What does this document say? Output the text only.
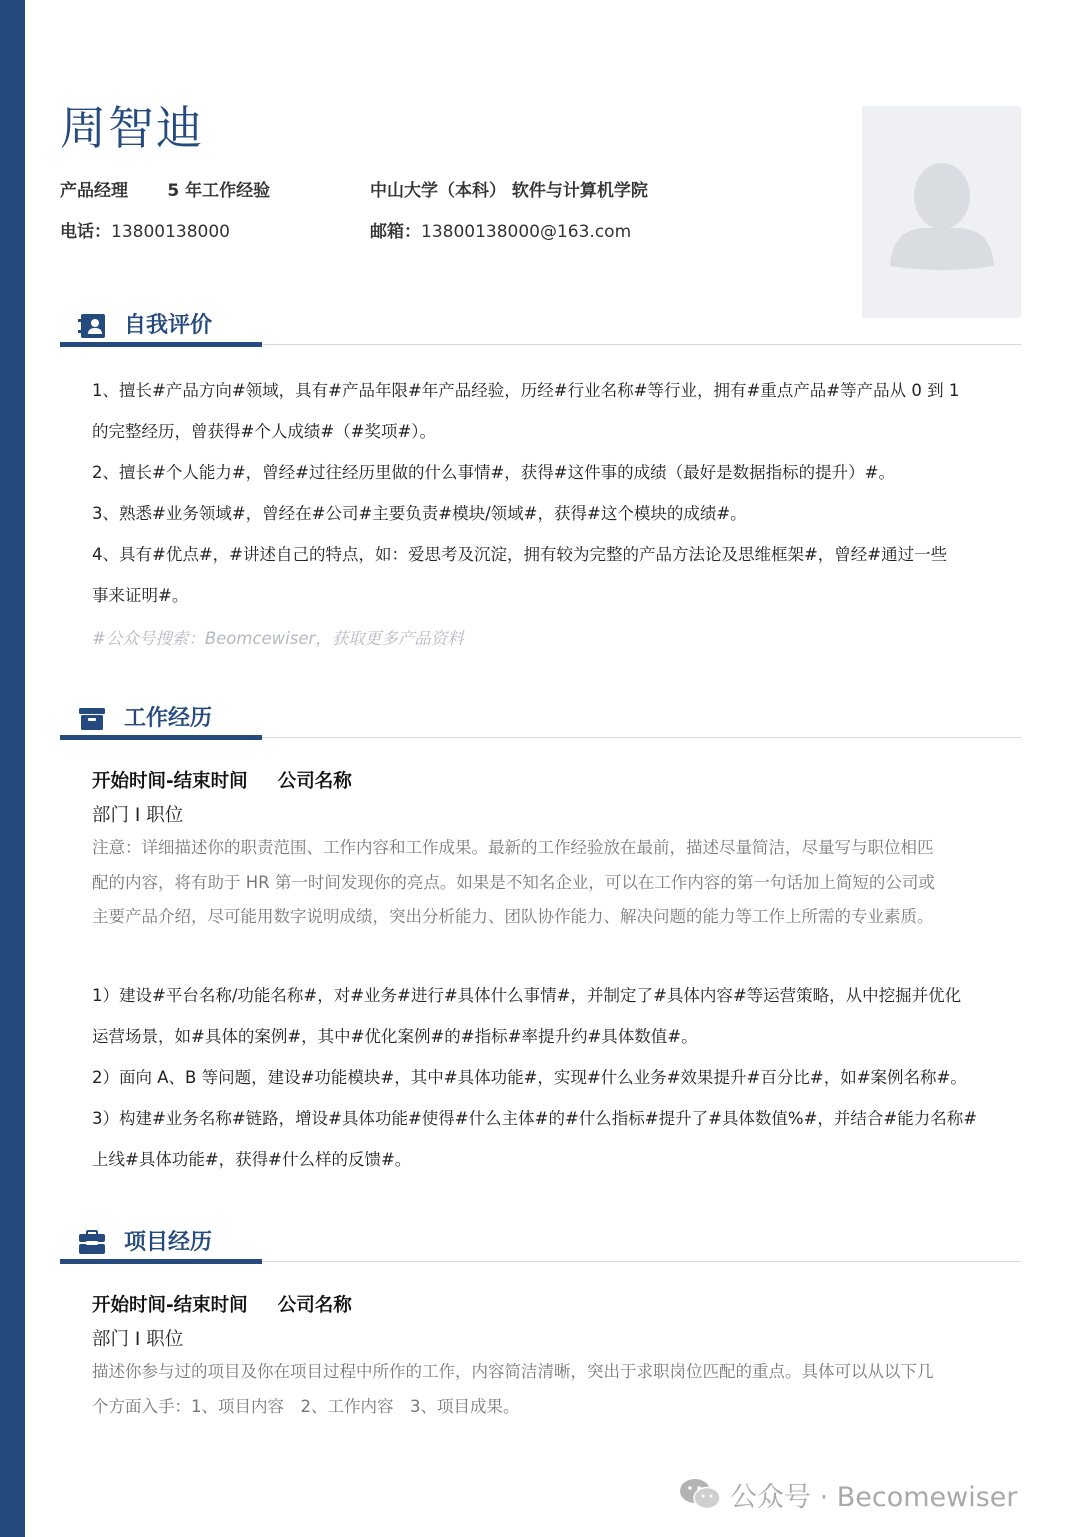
周智迪
产品经理 5 年工作经验	中山大学（本科） 软件与计算机学院
电话：13800138000	邮箱：13800138000@163.com
自我评价
1、擅长#产品方向#领域，具有#产品年限#年产品经验，历经#行业名称#等行业，拥有#重点产品#等产品从 0 到 1
的完整经历，曾获得#个人成绩#（#奖项#）。
2、擅长#个人能力#，曾经#过往经历里做的什么事情#，获得#这件事的成绩（最好是数据指标的提升）#。
3、熟悉#业务领域#，曾经在#公司#主要负责#模块/领域#，获得#这个模块的成绩#。
4、具有#优点#，#讲述自己的特点，如：爱思考及沉淀，拥有较为完整的产品方法论及思维框架#，曾经#通过一些
事来证明#。
#公众号搜索：Beomcewiser，获取更多产品资料
工作经历
开始时间-结束时间 公司名称
部门 I 职位
注意：详细描述你的职责范围、工作内容和工作成果。最新的工作经验放在最前，描述尽量简洁，尽量写与职位相匹
配的内容，将有助于 HR 第一时间发现你的亮点。如果是不知名企业，可以在工作内容的第一句话加上简短的公司或
主要产品介绍，尽可能用数字说明成绩，突出分析能力、团队协作能力、解决问题的能力等工作上所需的专业素质。
1）建设#平台名称/功能名称#，对#业务#进行#具体什么事情#，并制定了#具体内容#等运营策略，从中挖掘并优化
运营场景，如#具体的案例#，其中#优化案例#的#指标#率提升约#具体数值#。
2）面向 A、B 等问题，建设#功能模块#，其中#具体功能#，实现#什么业务#效果提升#百分比#，如#案例名称#。
3）构建#业务名称#链路，增设#具体功能#使得#什么主体#的#什么指标#提升了#具体数值%#，并结合#能力名称#
上线#具体功能#，获得#什么样的反馈#。
项目经历
开始时间-结束时间 公司名称
部门 I 职位
描述你参与过的项目及你在项目过程中所作的工作，内容简洁清晰，突出于求职岗位匹配的重点。具体可以从以下几
个方面入手：1、项目内容　2、工作内容　3、项目成果。
公众号 · Becomewiser
